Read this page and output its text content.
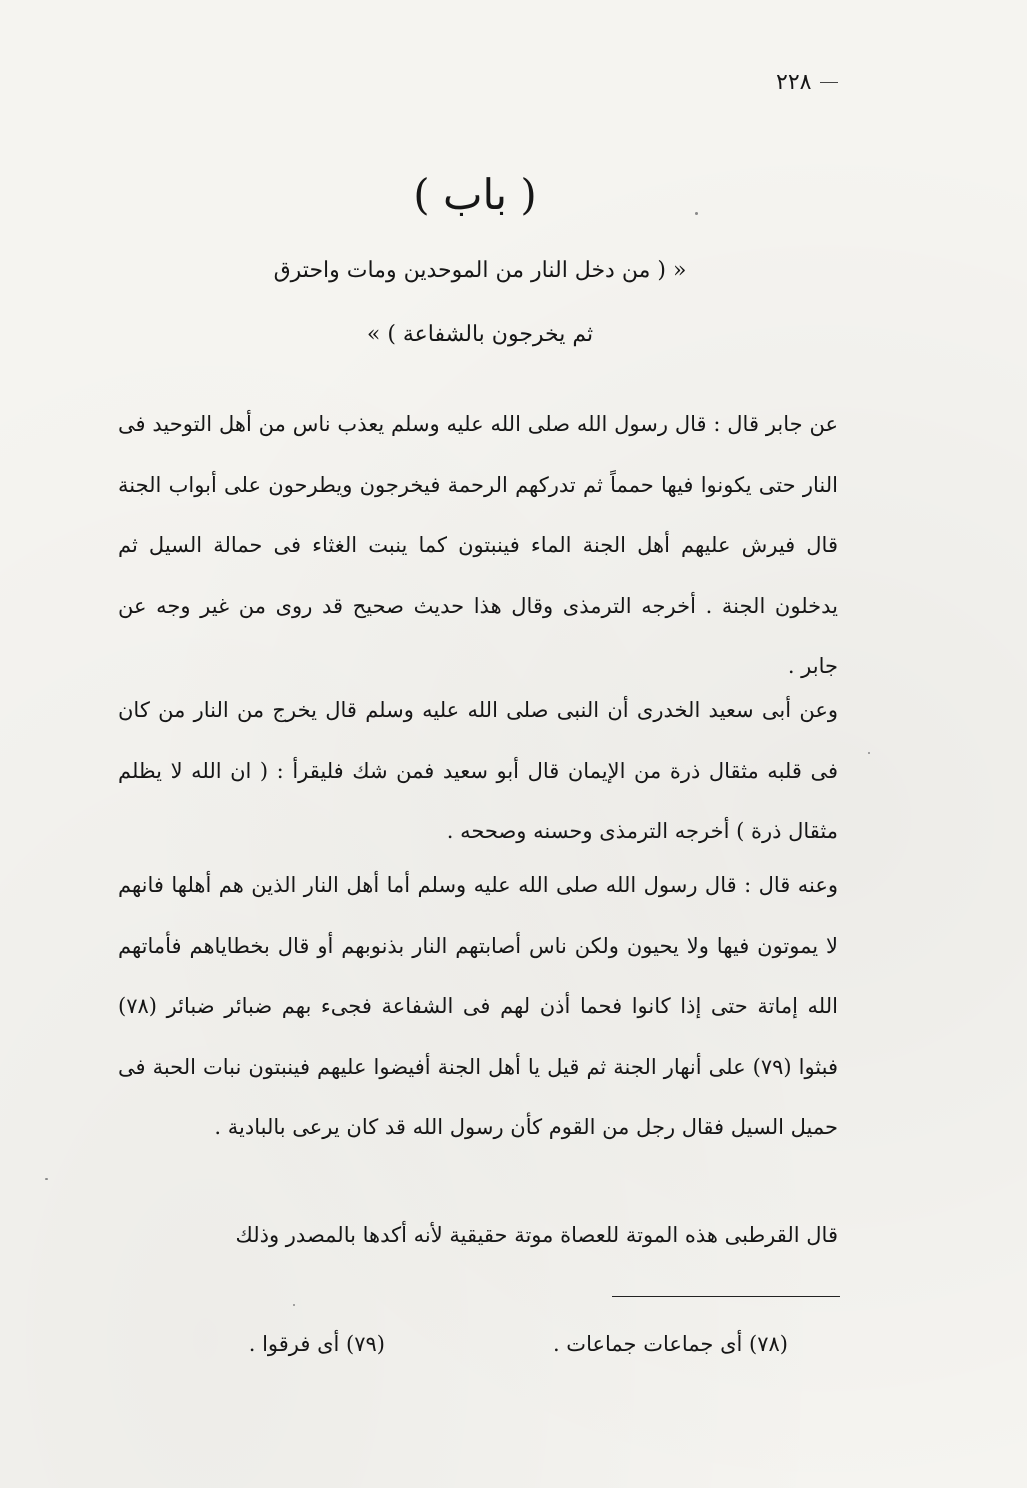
٢٢٨
( باب )
« ( من دخل النار من الموحدين ومات واحترق
ثم يخرجون بالشفاعة ) »
عن جابر قال : قال رسول الله صلى الله عليه وسلم يعذب ناس من أهل التوحيد فى النار حتى يكونوا فيها حمماً ثم تدركهم الرحمة فيخرجون ويطرحون على أبواب الجنة قال فيرش عليهم أهل الجنة الماء فينبتون كما ينبت الغثاء فى حمالة السيل ثم يدخلون الجنة . أخرجه الترمذى وقال هذا حديث صحيح قد روى من غير وجه عن جابر .
وعن أبى سعيد الخدرى أن النبى صلى الله عليه وسلم قال يخرج من النار من كان فى قلبه مثقال ذرة من الإيمان قال أبو سعيد فمن شك فليقرأ : ( ان الله لا يظلم مثقال ذرة ) أخرجه الترمذى وحسنه وصححه .
وعنه قال : قال رسول الله صلى الله عليه وسلم أما أهل النار الذين هم أهلها فانهم لا يموتون فيها ولا يحيون ولكن ناس أصابتهم النار بذنوبهم أو قال بخطاياهم فأماتهم الله إماتة حتى إذا كانوا فحما أذن لهم فى الشفاعة فجىء بهم ضبائر ضبائر (٧٨) فبثوا (٧٩) على أنهار الجنة ثم قيل يا أهل الجنة أفيضوا عليهم فينبتون نبات الحبة فى حميل السيل فقال رجل من القوم كأن رسول الله قد كان يرعى بالبادية .
قال القرطبى هذه الموتة للعصاة موتة حقيقية لأنه أكدها بالمصدر وذلك
(٧٨) أى جماعات جماعات .
(٧٩) أى فرقوا .
